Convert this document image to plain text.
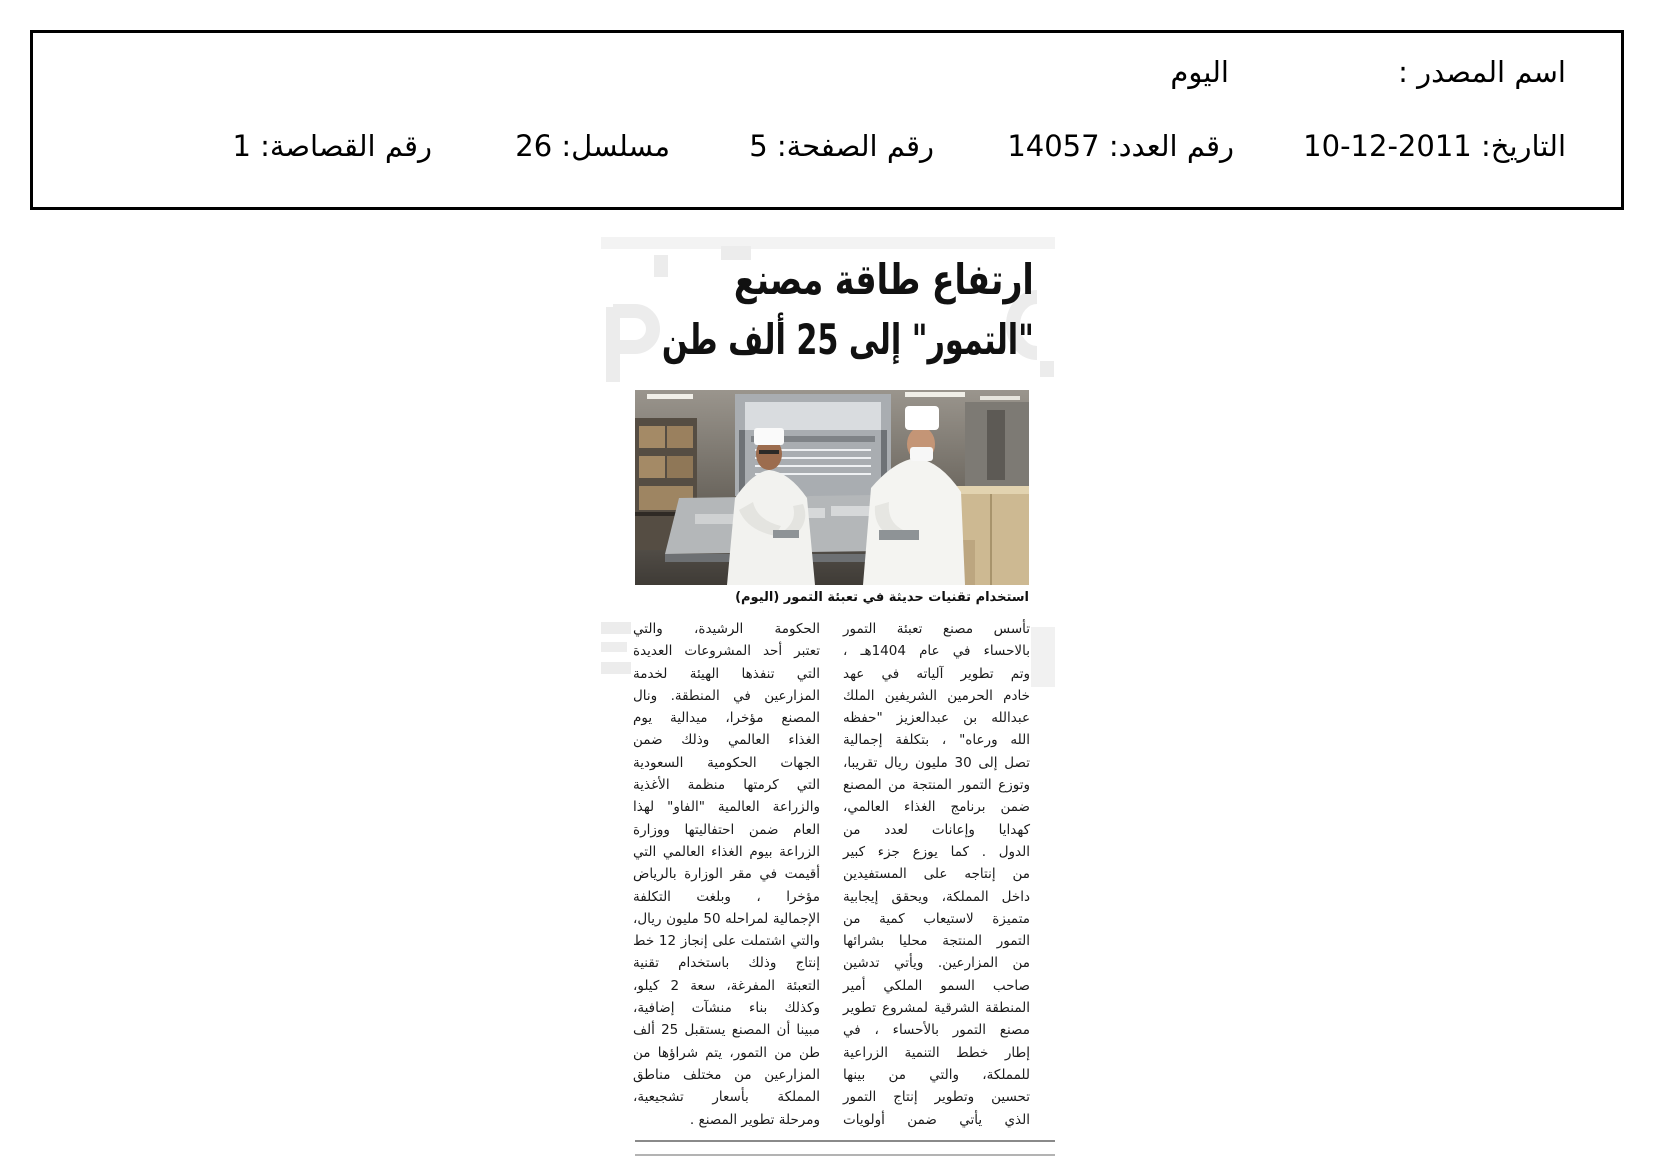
اسم المصدر :
اليوم
التاريخ: 2011-12-10
رقم العدد: 14057
رقم الصفحة: 5
مسلسل: 26
رقم القصاصة: 1
ارتفاع طاقة مصنع
"التمور" إلى 25 ألف طن
استخدام تقنيات حديثة في تعبئة التمور (اليوم)
تأسس مصنع تعبئة التمور
بالاحساء في عام 1404هـ ،
وتم تطوير آلياته في عهد
خادم الحرمين الشريفين الملك
عبدالله بن عبدالعزيز "حفظه
الله ورعاه" ، بتكلفة إجمالية
تصل إلى 30 مليون ريال تقريبا،
وتوزع التمور المنتجة من المصنع
ضمن برنامج الغذاء العالمي،
كهدايا وإعانات لعدد من
الدول . كما يوزع جزء كبير
من إنتاجه على المستفيدين
داخل المملكة، ويحقق إيجابية
متميزة لاستيعاب كمية من
التمور المنتجة محليا بشرائها
من المزارعين. ويأتي تدشين
صاحب السمو الملكي أمير
المنطقة الشرقية لمشروع تطوير
مصنع التمور بالأحساء ، في
إطار خطط التنمية الزراعية
للمملكة، والتي من بينها
تحسين وتطوير إنتاج التمور
الذي يأتي ضمن أولويات
الحكومة الرشيدة، والتي
تعتبر أحد المشروعات العديدة
التي تنفذها الهيئة لخدمة
المزارعين في المنطقة. ونال
المصنع مؤخرا، ميدالية يوم
الغذاء العالمي وذلك ضمن
الجهات الحكومية السعودية
التي كرمتها منظمة الأغذية
والزراعة العالمية "الفاو" لهذا
العام ضمن احتفاليتها ووزارة
الزراعة بيوم الغذاء العالمي التي
أقيمت في مقر الوزارة بالرياض
مؤخرا ، وبلغت التكلفة
الإجمالية لمراحله 50 مليون ريال،
والتي اشتملت على إنجاز 12 خط
إنتاج وذلك باستخدام تقنية
التعبئة المفرغة، سعة 2 كيلو،
وكذلك بناء منشآت إضافية،
مبينا أن المصنع يستقبل 25 ألف
طن من التمور، يتم شراؤها من
المزارعين من مختلف مناطق
المملكة بأسعار تشجيعية،
ومرحلة تطوير المصنع .
